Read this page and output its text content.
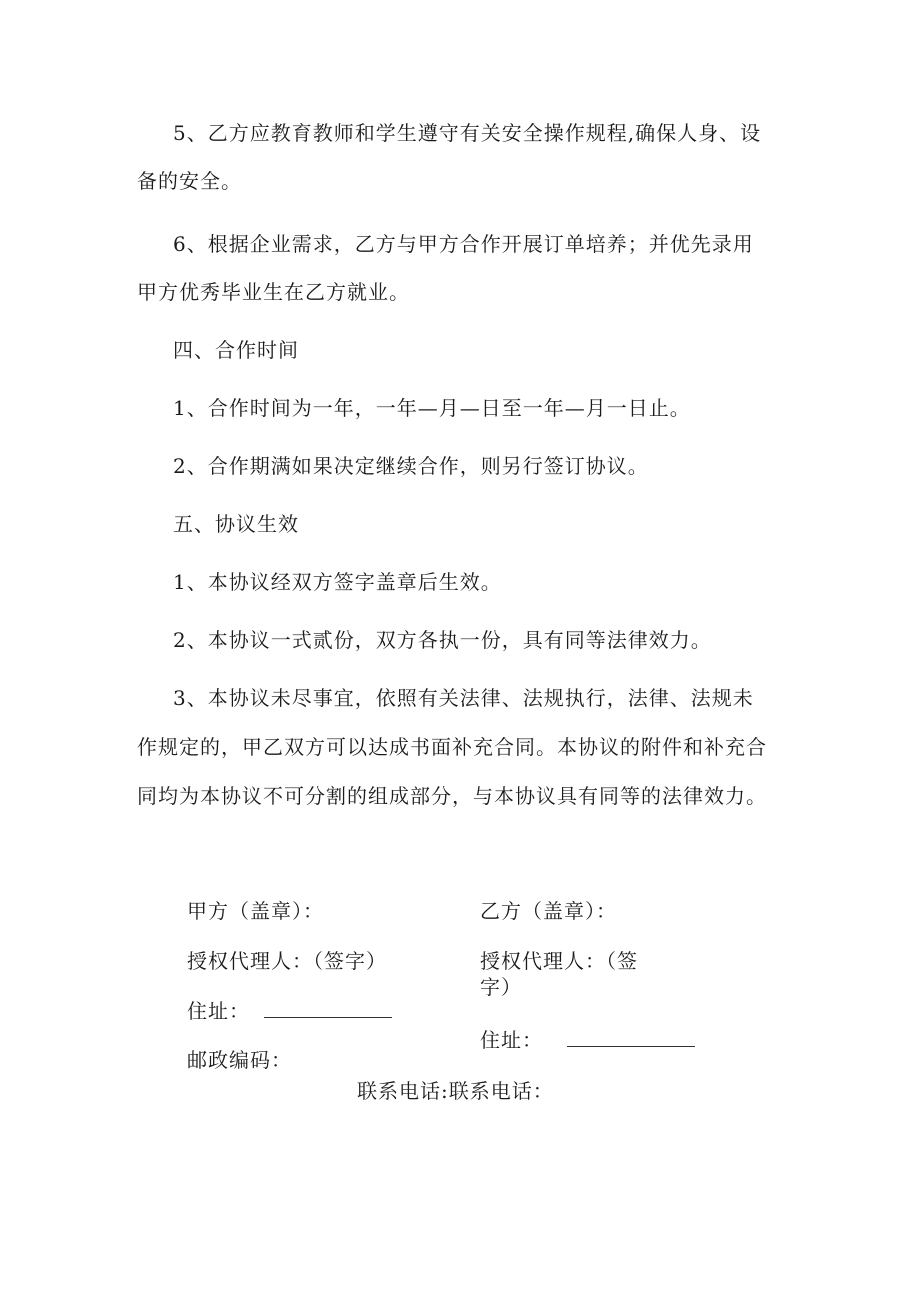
5、乙方应教育教师和学生遵守有关安全操作规程,确保人身、设

备的安全。

6、根据企业需求，乙方与甲方合作开展订单培养；并优先录用

甲方优秀毕业生在乙方就业。

四、合作时间

1、合作时间为一年，一年—月—日至一年—月一日止。

2、合作期满如果决定继续合作，则另行签订协议。

五、协议生效

1、本协议经双方签字盖章后生效。

2、本协议一式贰份，双方各执一份，具有同等法律效力。

3、本协议未尽事宜，依照有关法律、法规执行，法律、法规未

作规定的，甲乙双方可以达成书面补充合同。本协议的附件和补充合

同均为本协议不可分割的组成部分，与本协议具有同等的法律效力。

甲方（盖章）：
授权代理人：（签字）
住址：
邮政编码：
乙方（盖章）：
授权代理人：（签
字）
住址：
联系电话:联系电话：
